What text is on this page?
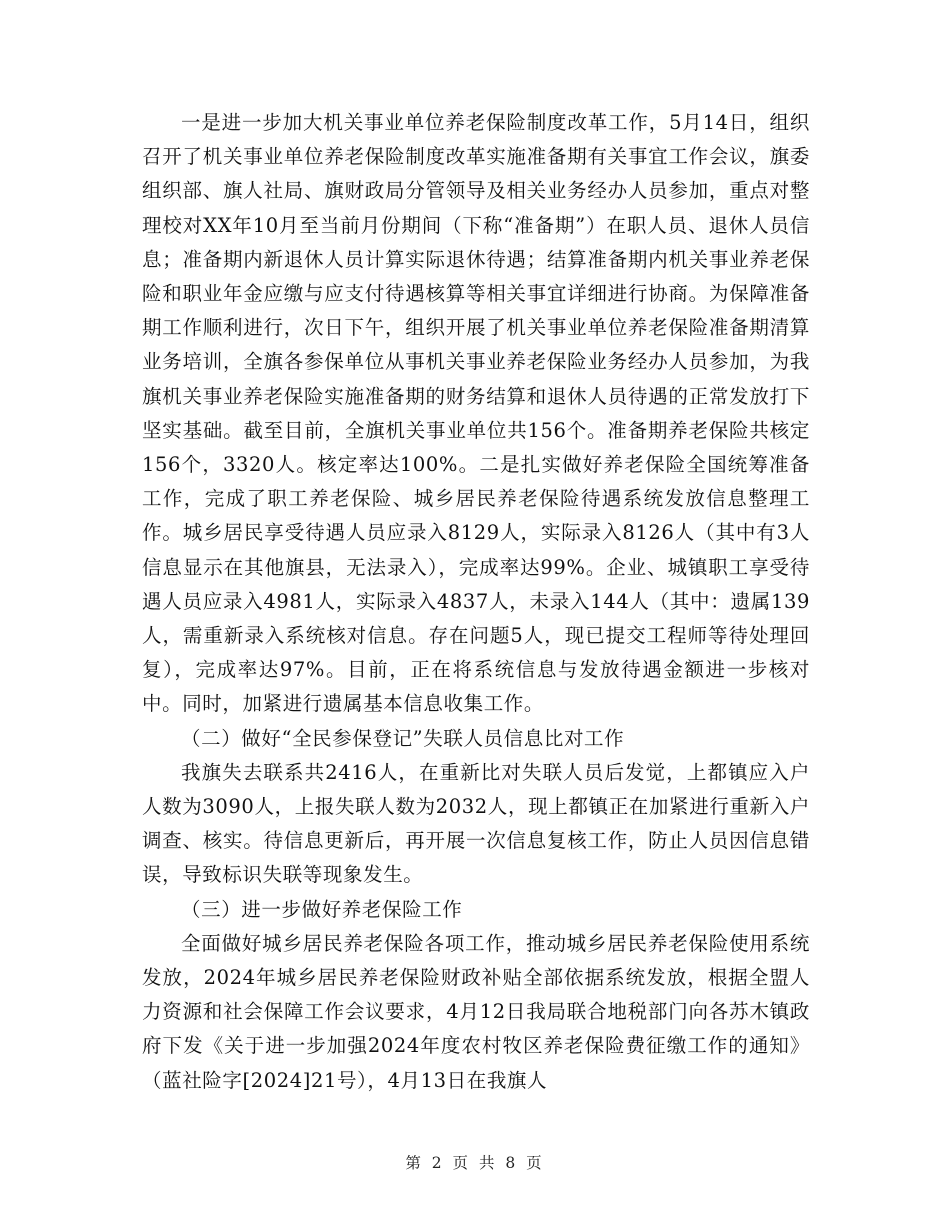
一是进一步加大机关事业单位养老保险制度改革工作，5月14日，组织召开了机关事业单位养老保险制度改革实施准备期有关事宜工作会议，旗委组织部、旗人社局、旗财政局分管领导及相关业务经办人员参加，重点对整理校对XX年10月至当前月份期间（下称“准备期”）在职人员、退休人员信息；准备期内新退休人员计算实际退休待遇；结算准备期内机关事业养老保险和职业年金应缴与应支付待遇核算等相关事宜详细进行协商。为保障准备期工作顺利进行，次日下午，组织开展了机关事业单位养老保险准备期清算业务培训，全旗各参保单位从事机关事业养老保险业务经办人员参加，为我旗机关事业养老保险实施准备期的财务结算和退休人员待遇的正常发放打下坚实基础。截至目前，全旗机关事业单位共156个。准备期养老保险共核定156个，3320人。核定率达100%。二是扎实做好养老保险全国统筹准备工作，完成了职工养老保险、城乡居民养老保险待遇系统发放信息整理工作。城乡居民享受待遇人员应录入8129人，实际录入8126人（其中有3人信息显示在其他旗县，无法录入），完成率达99%。企业、城镇职工享受待遇人员应录入4981人，实际录入4837人，未录入144人（其中：遗属139人，需重新录入系统核对信息。存在问题5人，现已提交工程师等待处理回复），完成率达97%。目前，正在将系统信息与发放待遇金额进一步核对中。同时，加紧进行遗属基本信息收集工作。

（二）做好“全民参保登记”失联人员信息比对工作

我旗失去联系共2416人，在重新比对失联人员后发觉，上都镇应入户人数为3090人，上报失联人数为2032人，现上都镇正在加紧进行重新入户调查、核实。待信息更新后，再开展一次信息复核工作，防止人员因信息错误，导致标识失联等现象发生。

（三）进一步做好养老保险工作

全面做好城乡居民养老保险各项工作，推动城乡居民养老保险使用系统发放，2024年城乡居民养老保险财政补贴全部依据系统发放，根据全盟人力资源和社会保障工作会议要求，4月12日我局联合地税部门向各苏木镇政府下发《关于进一步加强2024年度农村牧区养老保险费征缴工作的通知》（蓝社险字[2024]21号），4月13日在我旗人

第 2 页 共 8 页
